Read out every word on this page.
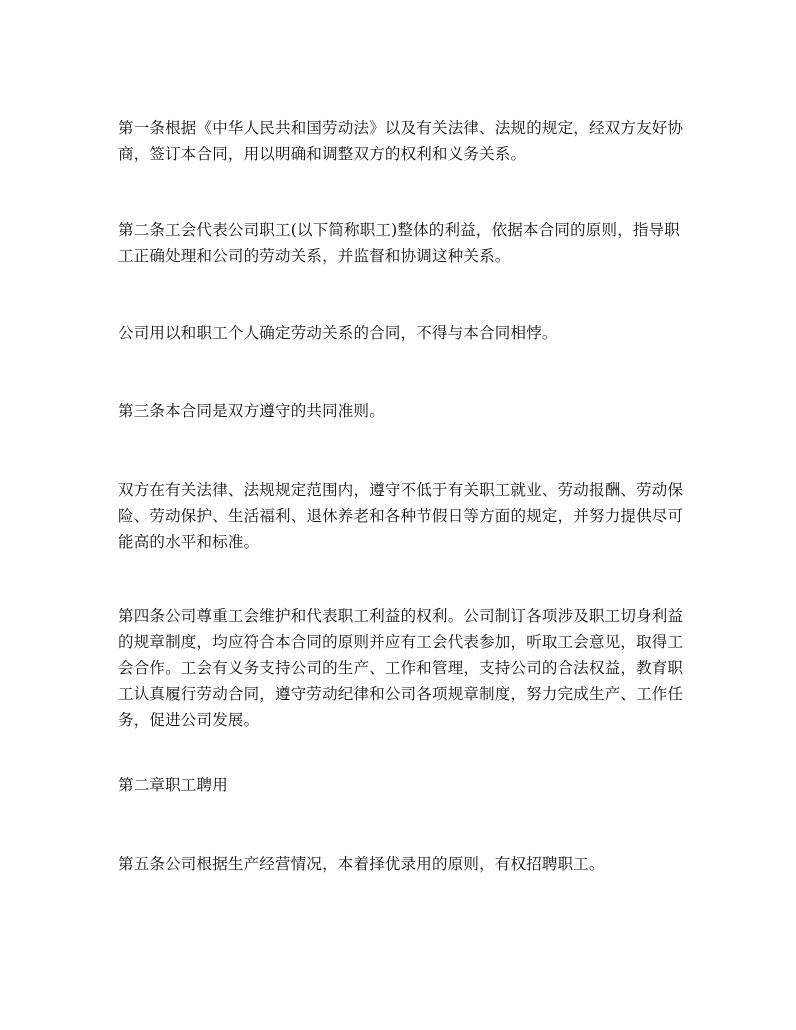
第一条根据《中华人民共和国劳动法》以及有关法律、法规的规定，经双方友好协商，签订本合同，用以明确和调整双方的权利和义务关系。

第二条工会代表公司职工(以下简称职工)整体的利益，依据本合同的原则，指导职工正确处理和公司的劳动关系，并监督和协调这种关系。

公司用以和职工个人确定劳动关系的合同，不得与本合同相悖。

第三条本合同是双方遵守的共同准则。

双方在有关法律、法规规定范围内，遵守不低于有关职工就业、劳动报酬、劳动保险、劳动保护、生活福利、退休养老和各种节假日等方面的规定，并努力提供尽可能高的水平和标准。

第四条公司尊重工会维护和代表职工利益的权利。公司制订各项涉及职工切身利益的规章制度，均应符合本合同的原则并应有工会代表参加，听取工会意见，取得工会合作。工会有义务支持公司的生产、工作和管理，支持公司的合法权益，教育职工认真履行劳动合同，遵守劳动纪律和公司各项规章制度，努力完成生产、工作任务，促进公司发展。

第二章职工聘用

第五条公司根据生产经营情况，本着择优录用的原则，有权招聘职工。
